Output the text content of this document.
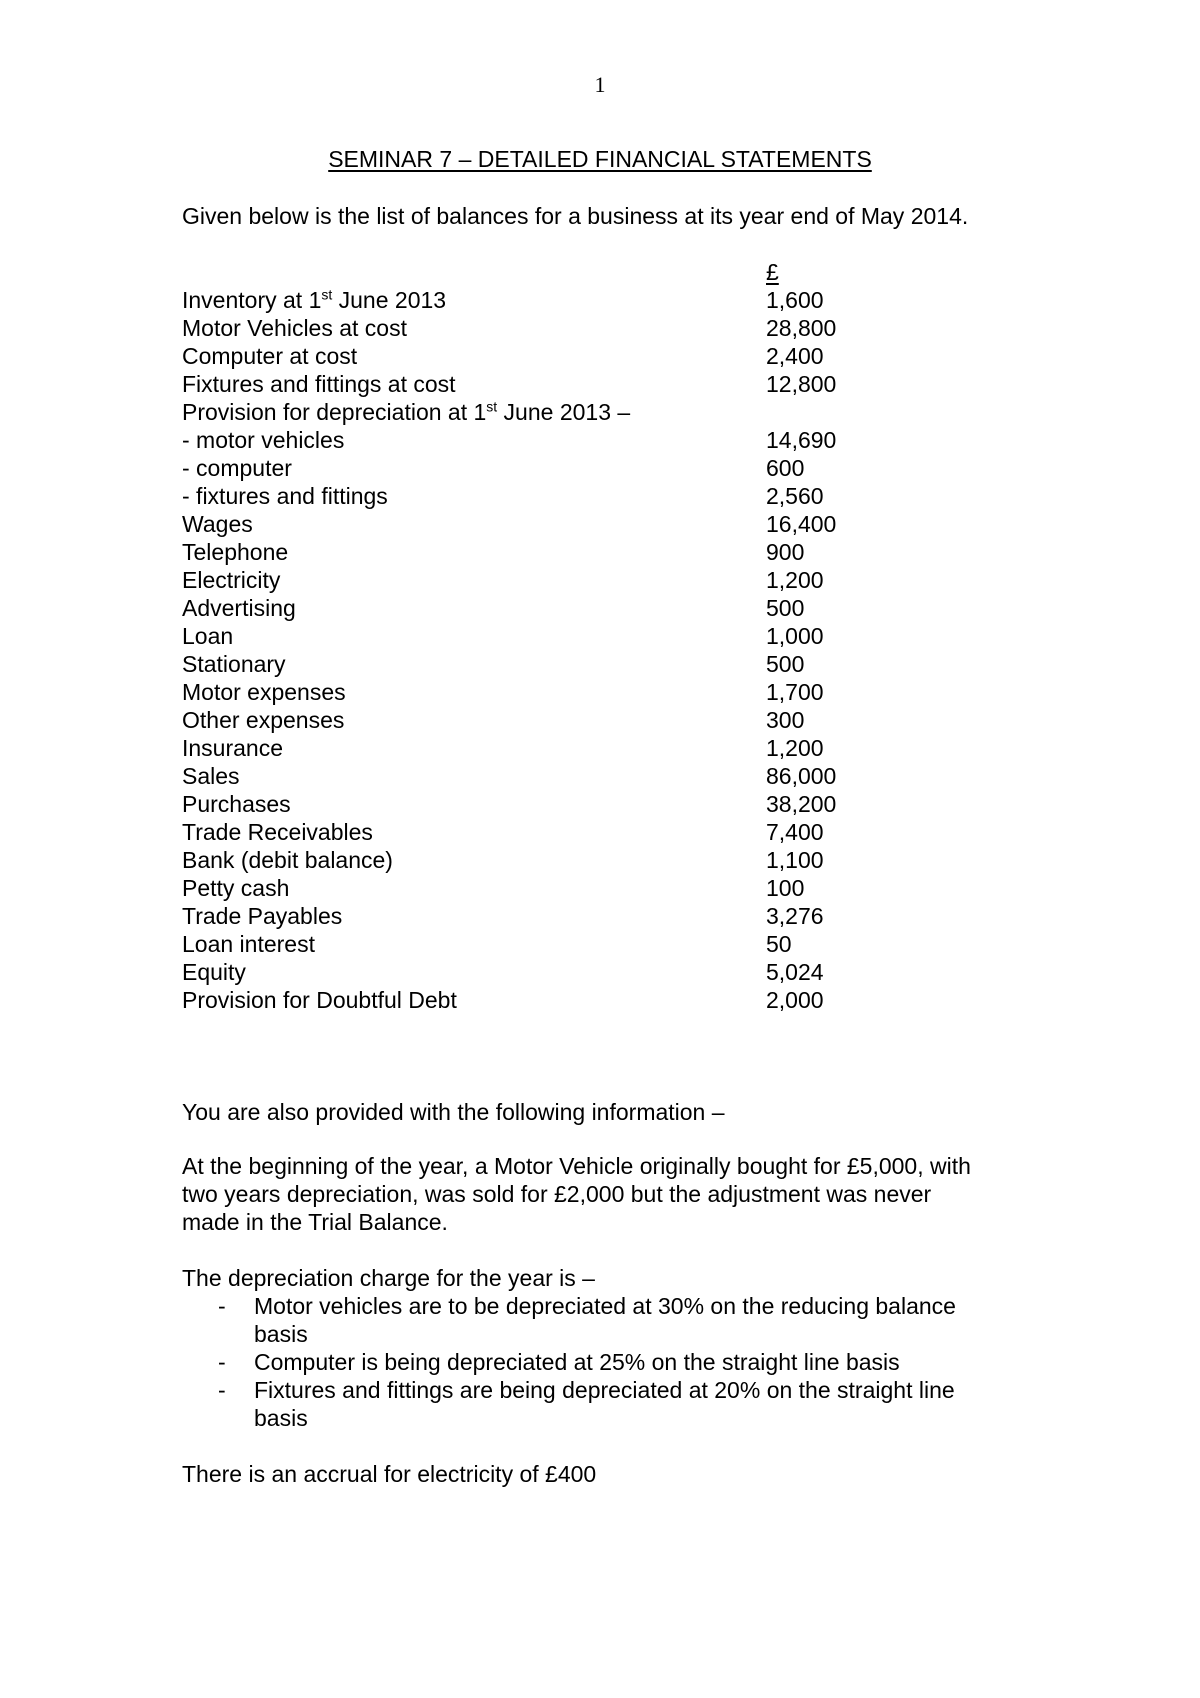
1
SEMINAR 7 – DETAILED FINANCIAL STATEMENTS
Given below is the list of balances for a business at its year end of May 2014.
£
Inventory at 1st June 2013	1,600
Motor Vehicles at cost	28,800
Computer at cost	2,400
Fixtures and fittings at cost	12,800
Provision for depreciation at 1st June 2013 –
- motor vehicles	14,690
- computer	600
- fixtures and fittings	2,560
Wages	16,400
Telephone	900
Electricity	1,200
Advertising	500
Loan	1,000
Stationary	500
Motor expenses	1,700
Other expenses	300
Insurance	1,200
Sales	86,000
Purchases	38,200
Trade Receivables	7,400
Bank (debit balance)	1,100
Petty cash	100
Trade Payables	3,276
Loan interest	50
Equity	5,024
Provision for Doubtful Debt	2,000
You are also provided with the following information –
At the beginning of the year, a Motor Vehicle originally bought for £5,000, with
two years depreciation, was sold for £2,000 but the adjustment was never
made in the Trial Balance.
The depreciation charge for the year is –
- Motor vehicles are to be depreciated at 30% on the reducing balance
basis
- Computer is being depreciated at 25% on the straight line basis
- Fixtures and fittings are being depreciated at 20% on the straight line
basis
There is an accrual for electricity of £400
